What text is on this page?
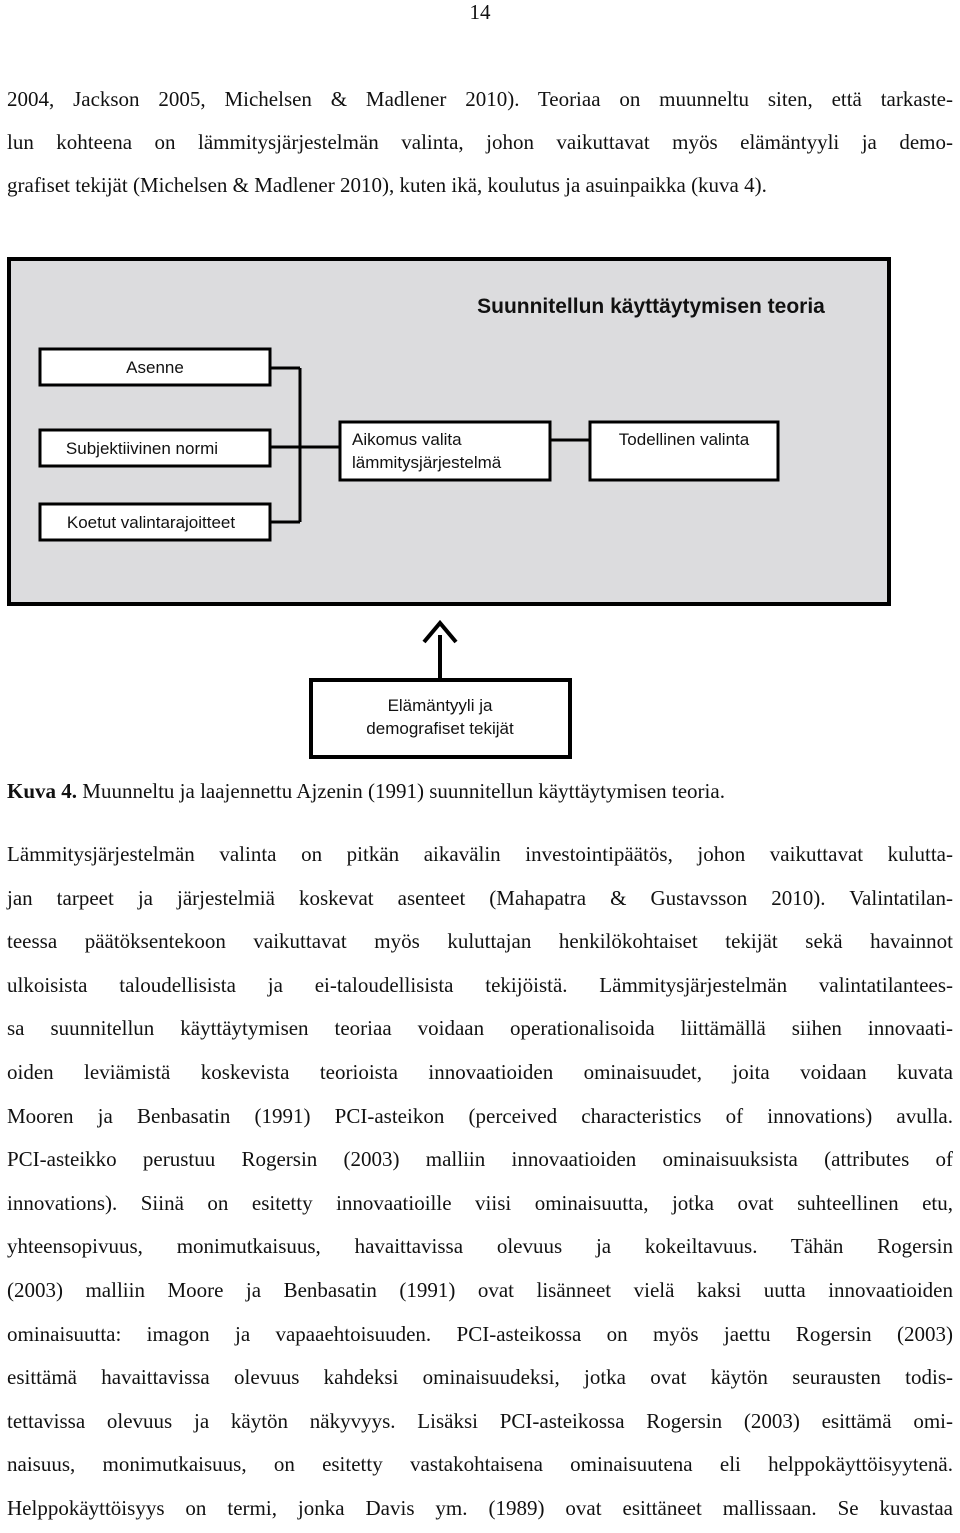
14
2004, Jackson 2005, Michelsen & Madlener 2010). Teoriaa on muunneltu siten, että tarkaste-
lun kohteena on lämmitysjärjestelmän valinta, johon vaikuttavat myös elämäntyyli ja demo-
grafiset tekijät (Michelsen & Madlener 2010), kuten ikä, koulutus ja asuinpaikka (kuva 4).
Suunnitellun käyttäytymisen teoria
Asenne
Subjektiivinen normi
Koetut valintarajoitteet
Aikomus valita
lämmitysjärjestelmä
Todellinen valinta
Elämäntyyli ja
demografiset tekijät
Kuva 4. Muunneltu ja laajennettu Ajzenin (1991) suunnitellun käyttäytymisen teoria.
Lämmitysjärjestelmän valinta on pitkän aikavälin investointipäätös, johon vaikuttavat kulutta-
jan tarpeet ja järjestelmiä koskevat asenteet (Mahapatra & Gustavsson 2010). Valintatilan-
teessa päätöksentekoon vaikuttavat myös kuluttajan henkilökohtaiset tekijät sekä havainnot
ulkoisista taloudellisista ja ei-taloudellisista tekijöistä. Lämmitysjärjestelmän valintatilantees-
sa suunnitellun käyttäytymisen teoriaa voidaan operationalisoida liittämällä siihen innovaati-
oiden leviämistä koskevista teorioista innovaatioiden ominaisuudet, joita voidaan kuvata
Mooren ja Benbasatin (1991) PCI-asteikon (perceived characteristics of innovations) avulla.
PCI-asteikko perustuu Rogersin (2003) malliin innovaatioiden ominaisuuksista (attributes of
innovations). Siinä on esitetty innovaatioille viisi ominaisuutta, jotka ovat suhteellinen etu,
yhteensopivuus, monimutkaisuus, havaittavissa olevuus ja kokeiltavuus. Tähän Rogersin
(2003) malliin Moore ja Benbasatin (1991) ovat lisänneet vielä kaksi uutta innovaatioiden
ominaisuutta: imagon ja vapaaehtoisuuden. PCI-asteikossa on myös jaettu Rogersin (2003)
esittämä havaittavissa olevuus kahdeksi ominaisuudeksi, jotka ovat käytön seurausten todis-
tettavissa olevuus ja käytön näkyvyys. Lisäksi PCI-asteikossa Rogersin (2003) esittämä omi-
naisuus, monimutkaisuus, on esitetty vastakohtaisena ominaisuutena eli helppokäyttöisyytenä.
Helppokäyttöisyys on termi, jonka Davis ym. (1989) ovat esittäneet mallissaan. Se kuvastaa
